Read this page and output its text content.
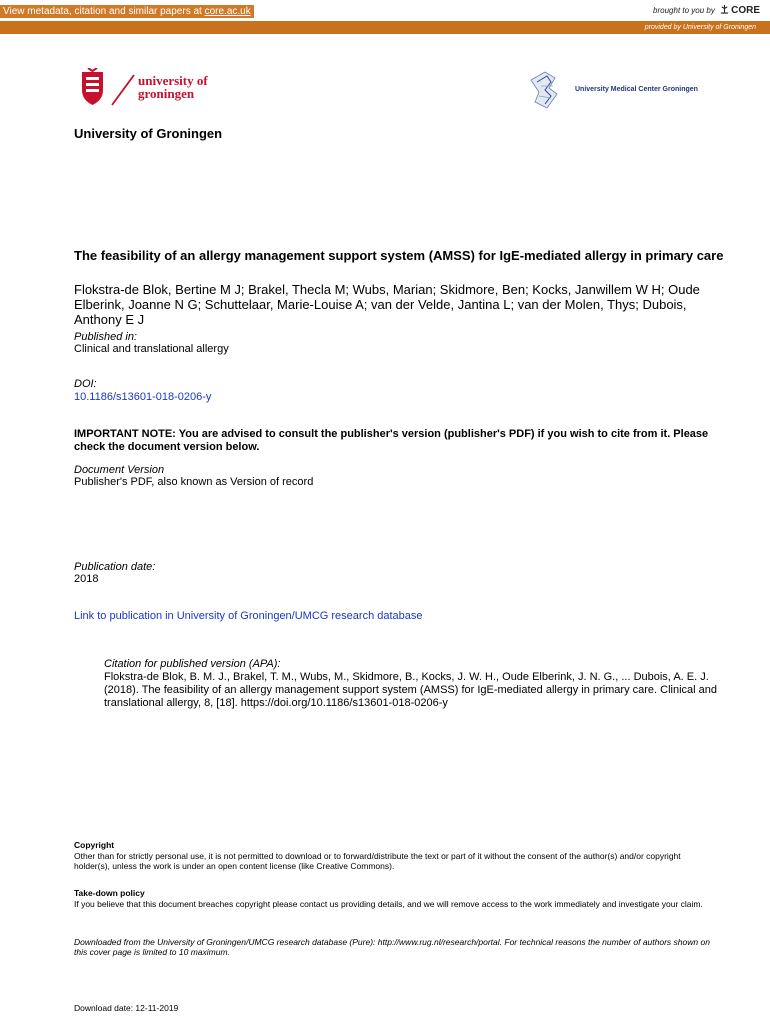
View metadata, citation and similar papers at core.ac.uk	brought to you by CORE
provided by University of Groningen
university of
groningen	University Medical Center Groningen
University of Groningen
The feasibility of an allergy management support system (AMSS) for IgE-mediated allergy in primary care
Flokstra-de Blok, Bertine M J; Brakel, Thecla M; Wubs, Marian; Skidmore, Ben; Kocks, Janwillem W H; Oude Elberink, Joanne N G; Schuttelaar, Marie-Louise A; van der Velde, Jantina L; van der Molen, Thys; Dubois, Anthony E J
Published in:
Clinical and translational allergy
DOI:
10.1186/s13601-018-0206-y
IMPORTANT NOTE: You are advised to consult the publisher's version (publisher's PDF) if you wish to cite from it. Please check the document version below.
Document Version
Publisher's PDF, also known as Version of record
Publication date:
2018
Link to publication in University of Groningen/UMCG research database
Citation for published version (APA):
Flokstra-de Blok, B. M. J., Brakel, T. M., Wubs, M., Skidmore, B., Kocks, J. W. H., Oude Elberink, J. N. G., ... Dubois, A. E. J. (2018). The feasibility of an allergy management support system (AMSS) for IgE-mediated allergy in primary care. Clinical and translational allergy, 8, [18]. https://doi.org/10.1186/s13601-018-0206-y
Copyright
Other than for strictly personal use, it is not permitted to download or to forward/distribute the text or part of it without the consent of the author(s) and/or copyright holder(s), unless the work is under an open content license (like Creative Commons).
Take-down policy
If you believe that this document breaches copyright please contact us providing details, and we will remove access to the work immediately and investigate your claim.
Downloaded from the University of Groningen/UMCG research database (Pure): http://www.rug.nl/research/portal. For technical reasons the number of authors shown on this cover page is limited to 10 maximum.
Download date: 12-11-2019
